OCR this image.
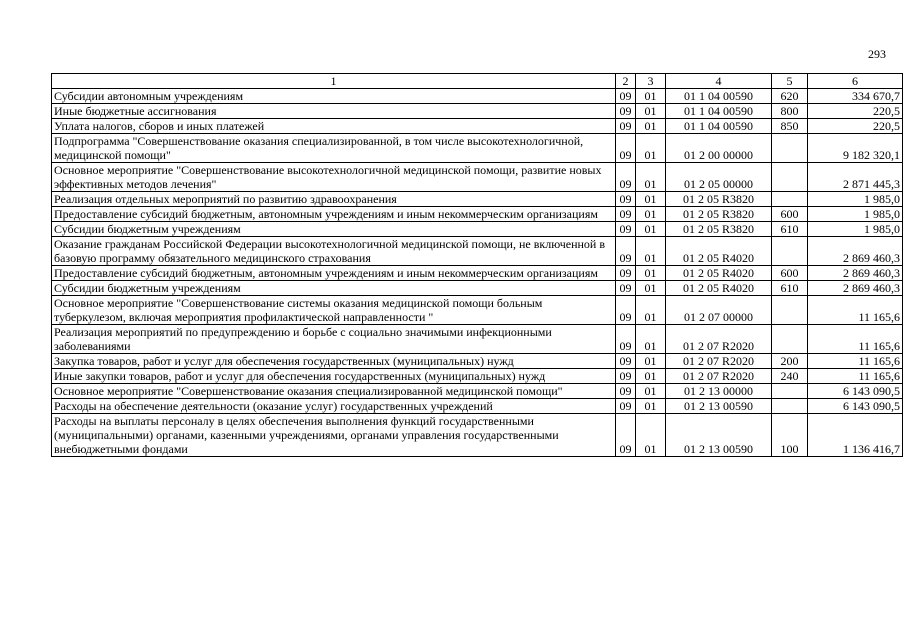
293
1	2	3	4	5	6
Субсидии автономным учреждениям	09	01	01 1 04 00590	620	334 670,7
Иные бюджетные ассигнования	09	01	01 1 04 00590	800	220,5
Уплата налогов, сборов и иных платежей	09	01	01 1 04 00590	850	220,5
Подпрограмма "Совершенствование оказания специализированной, в том числе высокотехнологичной, медицинской помощи"	09	01	01 2 00 00000		9 182 320,1
Основное мероприятие "Совершенствование высокотехнологичной медицинской помощи, развитие новых эффективных методов лечения"	09	01	01 2 05 00000		2 871 445,3
Реализация отдельных мероприятий по развитию здравоохранения	09	01	01 2 05 R3820		1 985,0
Предоставление субсидий бюджетным, автономным учреждениям и иным некоммерческим организациям	09	01	01 2 05 R3820	600	1 985,0
Субсидии бюджетным учреждениям	09	01	01 2 05 R3820	610	1 985,0
Оказание гражданам Российской Федерации высокотехнологичной медицинской помощи, не включенной в базовую программу обязательного медицинского страхования	09	01	01 2 05 R4020		2 869 460,3
Предоставление субсидий бюджетным, автономным учреждениям и иным некоммерческим организациям	09	01	01 2 05 R4020	600	2 869 460,3
Субсидии бюджетным учреждениям	09	01	01 2 05 R4020	610	2 869 460,3
Основное мероприятие "Совершенствование системы оказания медицинской помощи больным туберкулезом, включая мероприятия профилактической направленности "	09	01	01 2 07 00000		11 165,6
Реализация мероприятий по предупреждению и борьбе с социально значимыми инфекционными заболеваниями	09	01	01 2 07 R2020		11 165,6
Закупка товаров, работ и услуг для обеспечения государственных (муниципальных) нужд	09	01	01 2 07 R2020	200	11 165,6
Иные закупки товаров, работ и услуг для обеспечения государственных (муниципальных) нужд	09	01	01 2 07 R2020	240	11 165,6
Основное мероприятие "Совершенствование оказания специализированной медицинской помощи"	09	01	01 2 13 00000		6 143 090,5
Расходы на обеспечение деятельности (оказание услуг) государственных учреждений	09	01	01 2 13 00590		6 143 090,5
Расходы на выплаты персоналу в целях обеспечения выполнения функций государственными (муниципальными) органами, казенными учреждениями, органами управления государственными внебюджетными фондами	09	01	01 2 13 00590	100	1 136 416,7
